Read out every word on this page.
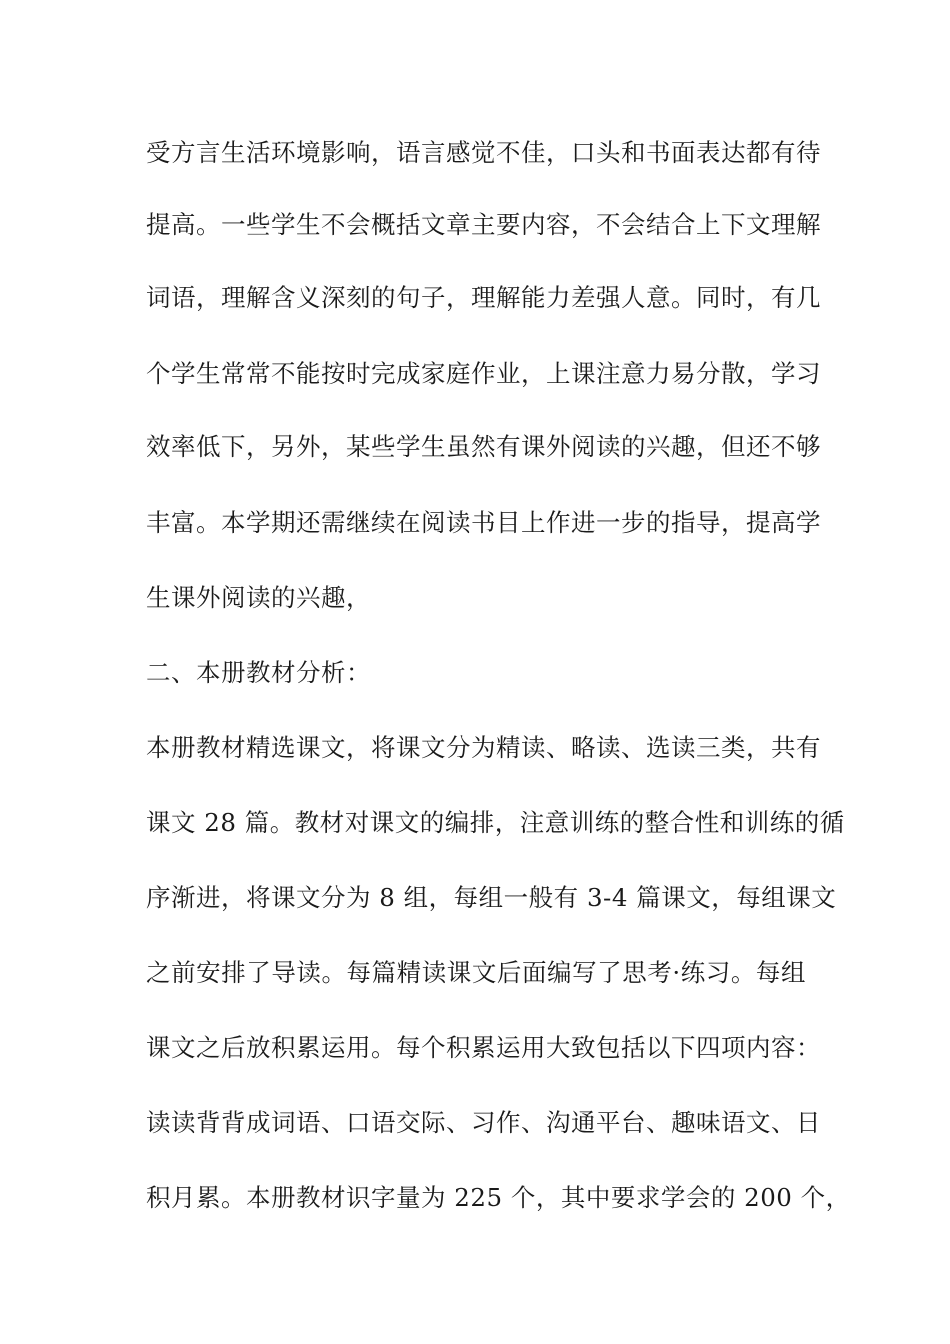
受方言生活环境影响，语言感觉不佳，口头和书面表达都有待
提高。一些学生不会概括文章主要内容，不会结合上下文理解
词语，理解含义深刻的句子，理解能力差强人意。同时，有几
个学生常常不能按时完成家庭作业，上课注意力易分散，学习
效率低下，另外，某些学生虽然有课外阅读的兴趣，但还不够
丰富。本学期还需继续在阅读书目上作进一步的指导，提高学
生课外阅读的兴趣，
二、本册教材分析：
本册教材精选课文，将课文分为精读、略读、选读三类，共有
课文 28 篇。教材对课文的编排，注意训练的整合性和训练的循
序渐进，将课文分为 8 组，每组一般有 3-4 篇课文，每组课文
之前安排了导读。每篇精读课文后面编写了思考·练习。每组
课文之后放积累运用。每个积累运用大致包括以下四项内容：
读读背背成词语、口语交际、习作、沟通平台、趣味语文、日
积月累。本册教材识字量为 225 个，其中要求学会的 200 个，
